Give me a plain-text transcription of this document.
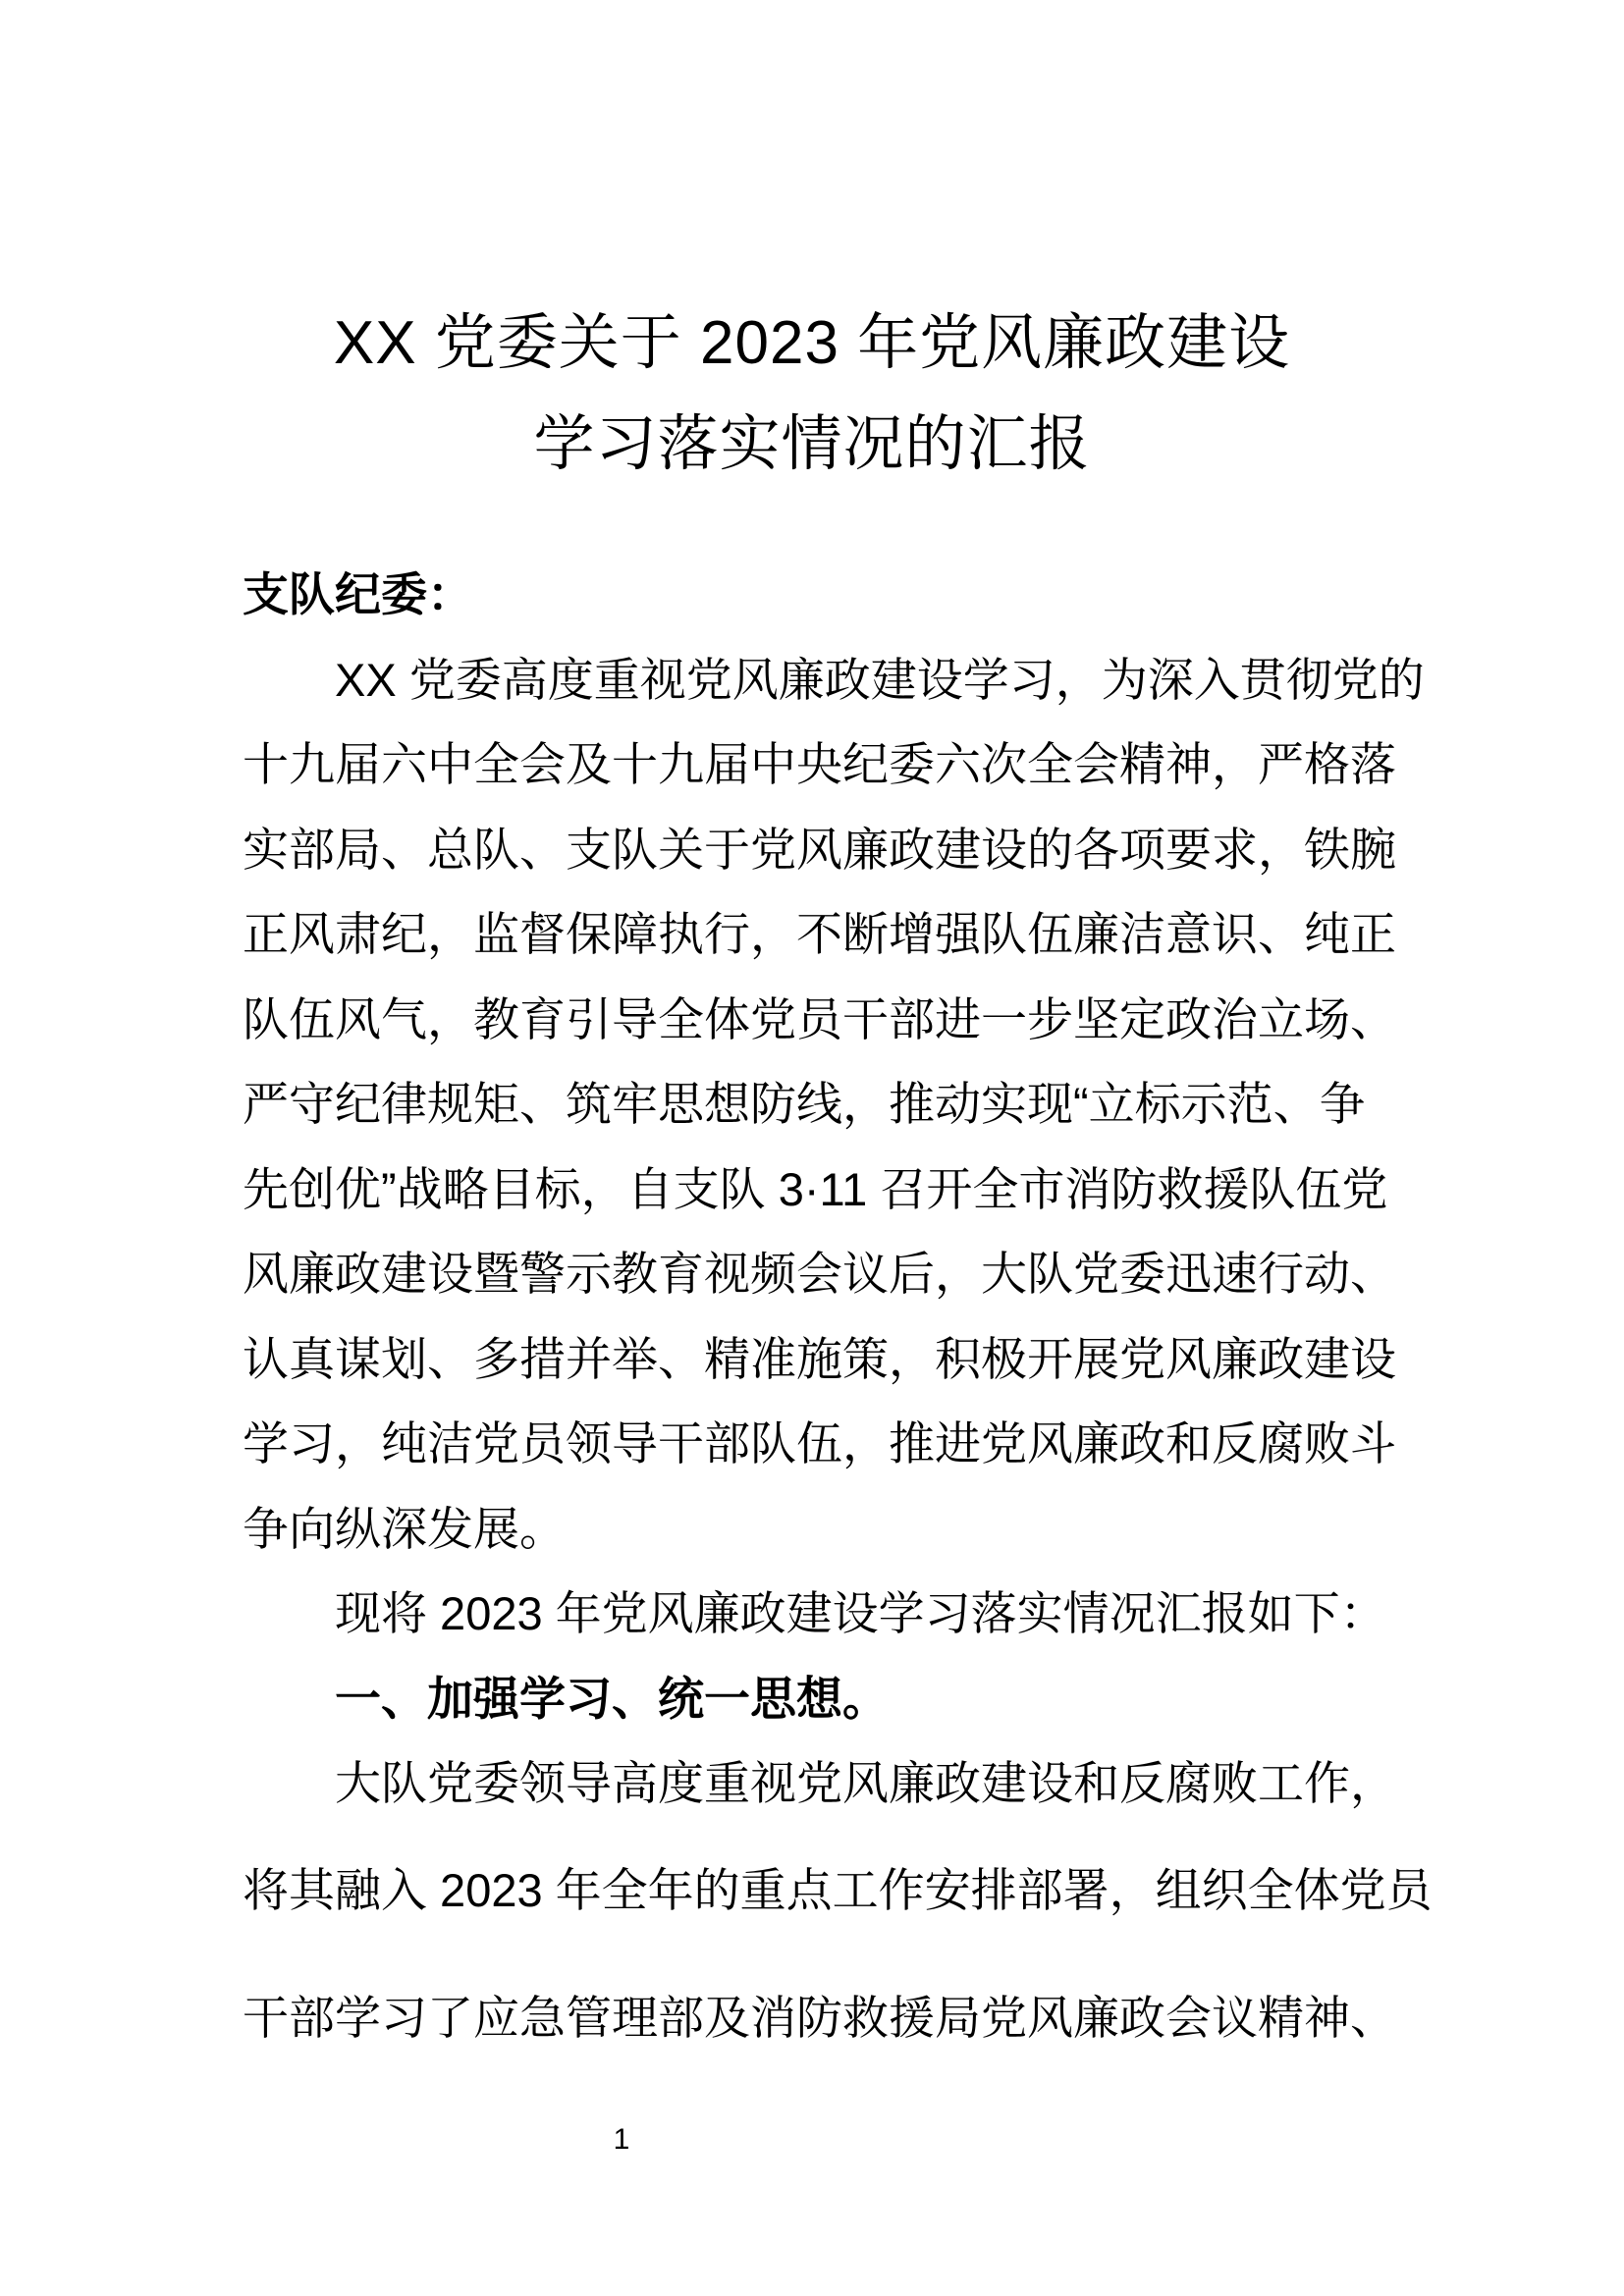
XX 党委关于 2023 年党风廉政建设
学习落实情况的汇报
支队纪委：
XX 党委高度重视党风廉政建设学习，为深入贯彻党的
十九届六中全会及十九届中央纪委六次全会精神，严格落
实部局、总队、支队关于党风廉政建设的各项要求，铁腕
正风肃纪，监督保障执行，不断增强队伍廉洁意识、纯正
队伍风气，教育引导全体党员干部进一步坚定政治立场、
严守纪律规矩、筑牢思想防线，推动实现“立标示范、争
先创优”战略目标，自支队 3·11 召开全市消防救援队伍党
风廉政建设暨警示教育视频会议后，大队党委迅速行动、
认真谋划、多措并举、精准施策，积极开展党风廉政建设
学习，纯洁党员领导干部队伍，推进党风廉政和反腐败斗
争向纵深发展。
现将 2023 年党风廉政建设学习落实情况汇报如下：
一、加强学习、统一思想。
大队党委领导高度重视党风廉政建设和反腐败工作，
将其融入 2023 年全年的重点工作安排部署，组织全体党员
干部学习了应急管理部及消防救援局党风廉政会议精神、
1
